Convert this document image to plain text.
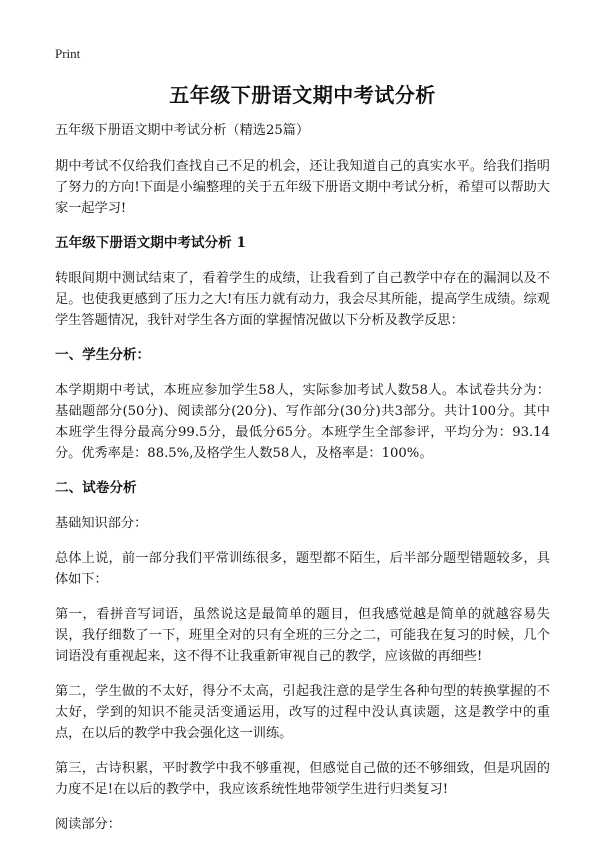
Print
五年级下册语文期中考试分析

五年级下册语文期中考试分析（精选25篇）

期中考试不仅给我们查找自己不足的机会，还让我知道自己的真实水平。给我们指明了努力的方向!下面是小编整理的关于五年级下册语文期中考试分析，希望可以帮助大家一起学习!

五年级下册语文期中考试分析 1

转眼间期中测试结束了，看着学生的成绩，让我看到了自己教学中存在的漏洞以及不足。也使我更感到了压力之大!有压力就有动力，我会尽其所能，提高学生成绩。综观学生答题情况，我针对学生各方面的掌握情况做以下分析及教学反思：

一、学生分析：

本学期期中考试，本班应参加学生58人，实际参加考试人数58人。本试卷共分为：基础题部分(50分)、阅读部分(20分)、写作部分(30分)共3部分。共计100分。其中本班学生得分最高分99.5分，最低分65分。本班学生全部参评，平均分为：93.14分。优秀率是：88.5%,及格学生人数58人，及格率是：100%。

二、试卷分析

基础知识部分：

总体上说，前一部分我们平常训练很多，题型都不陌生，后半部分题型错题较多，具体如下：

第一，看拼音写词语，虽然说这是最简单的题目，但我感觉越是简单的就越容易失误，我仔细数了一下，班里全对的只有全班的三分之二，可能我在复习的时候，几个词语没有重视起来，这不得不让我重新审视自己的教学，应该做的再细些!

第二，学生做的不太好，得分不太高，引起我注意的是学生各种句型的转换掌握的不太好，学到的知识不能灵活变通运用，改写的过程中没认真读题，这是教学中的重点，在以后的教学中我会强化这一训练。

第三，古诗积累，平时教学中我不够重视，但感觉自己做的还不够细致，但是巩固的力度不足!在以后的教学中，我应该系统性地带领学生进行归类复习!

阅读部分：
